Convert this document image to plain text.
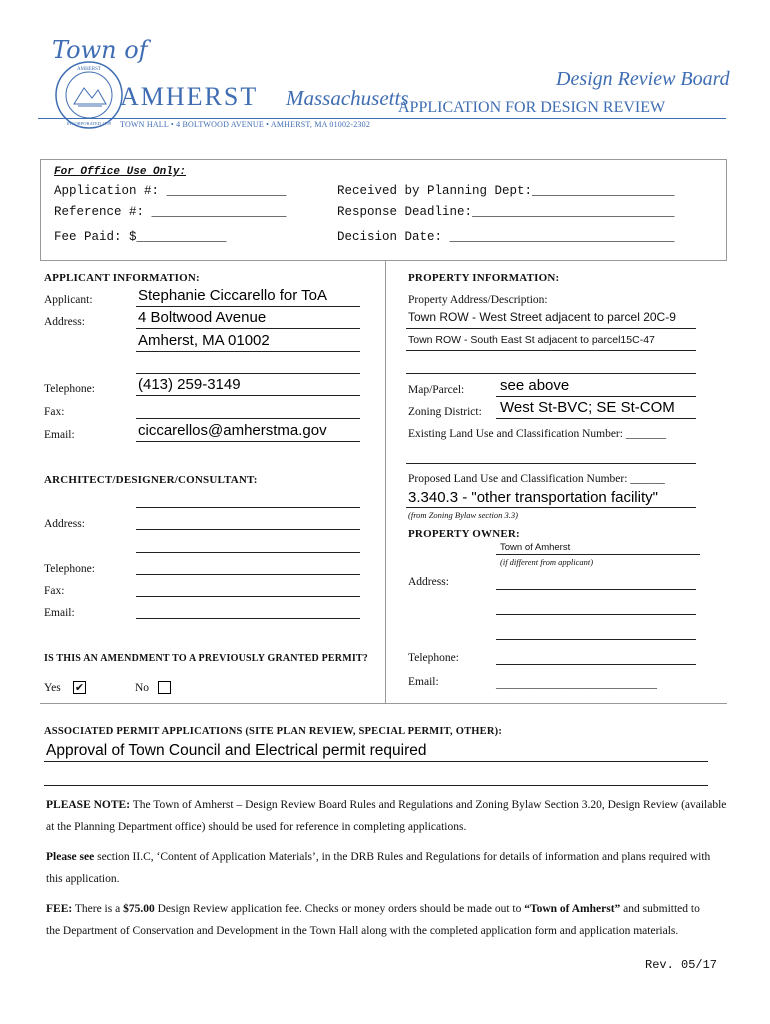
Town of
AMHERST
INCORPORATED 1759
AMHERST Massachusetts
Design Review Board
APPLICATION FOR DESIGN REVIEW
TOWN HALL • 4 BOLTWOOD AVENUE • AMHERST, MA 01002-2302
For Office Use Only:
Application #: ________________	Received by Planning Dept:___________________
Reference #: __________________	Response Deadline:___________________________
Fee Paid: $____________	Decision Date: ______________________________
APPLICANT INFORMATION:
Applicant:	Stephanie Ciccarello for ToA
Address:	4 Boltwood Avenue
Amherst, MA 01002
Telephone:	(413) 259-3149
Fax:
Email:	ciccarellos@amherstma.gov
ARCHITECT/DESIGNER/CONSULTANT:
Address:
Telephone:
Fax:
Email:
IS THIS AN AMENDMENT TO A PREVIOUSLY GRANTED PERMIT?
Yes ✔	No
PROPERTY INFORMATION:
Property Address/Description:
Town ROW - West Street adjacent to parcel 20C-9
Town ROW - South East St adjacent to parcel15C-47
Map/Parcel: see above
Zoning District: West St-BVC; SE St-COM
Existing Land Use and Classification Number: _______
Proposed Land Use and Classification Number: ______
3.340.3 - "other transportation facility"
(from Zoning Bylaw section 3.3)
PROPERTY OWNER:
Town of Amherst
(if different from applicant)
Address:
Telephone:
Email:	____________________________
ASSOCIATED PERMIT APPLICATIONS (SITE PLAN REVIEW, SPECIAL PERMIT, OTHER):
Approval of Town Council and Electrical permit required
PLEASE NOTE: The Town of Amherst – Design Review Board Rules and Regulations and Zoning Bylaw Section 3.20, Design Review (available at the Planning Department office) should be used for reference in completing applications.
Please see section II.C, ‘Content of Application Materials’, in the DRB Rules and Regulations for details of information and plans required with this application.
FEE: There is a $75.00 Design Review application fee. Checks or money orders should be made out to “Town of Amherst” and submitted to the Department of Conservation and Development in the Town Hall along with the completed application form and application materials.
Rev. 05/17
